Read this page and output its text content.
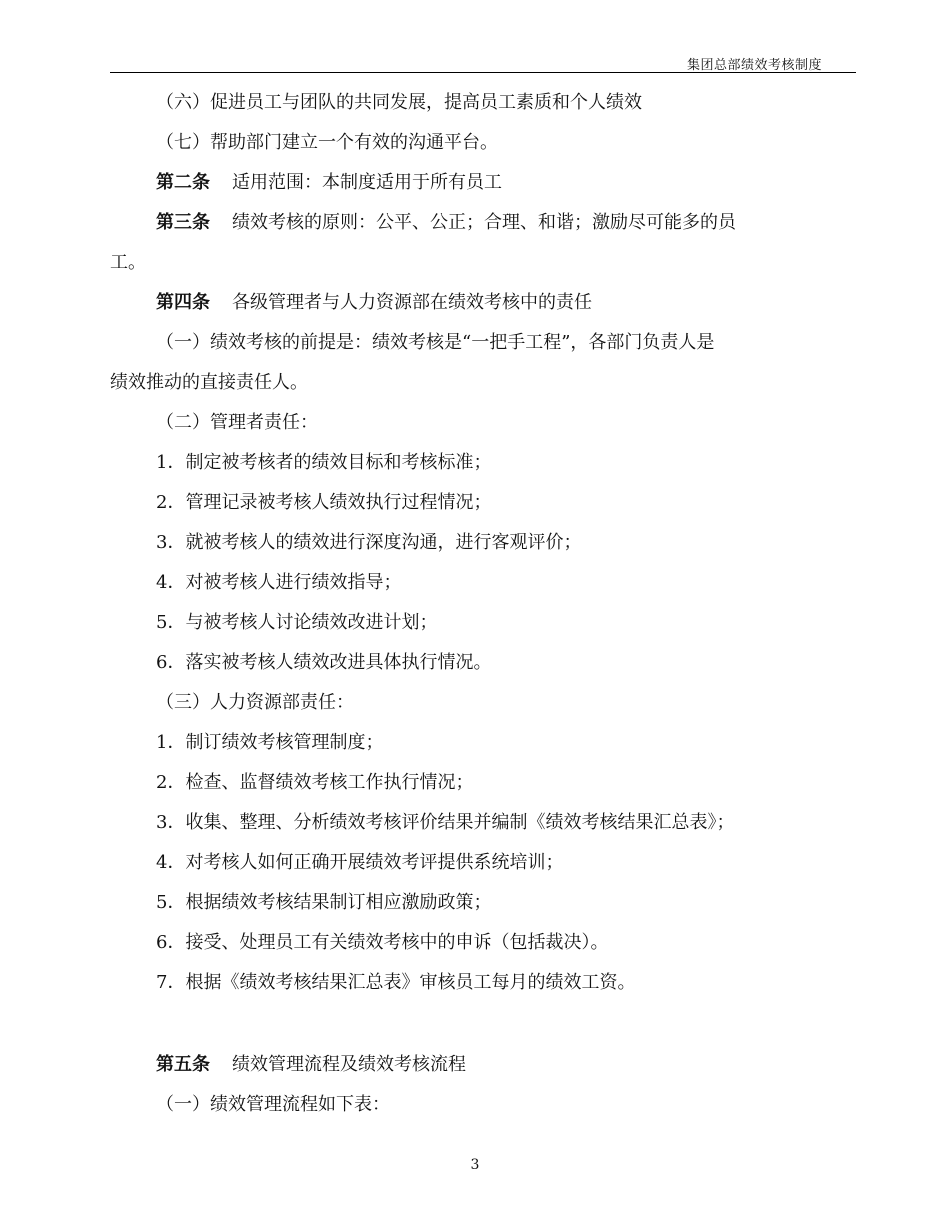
集团总部绩效考核制度
（六）促进员工与团队的共同发展，提高员工素质和个人绩效
（七）帮助部门建立一个有效的沟通平台。
第二条 适用范围：本制度适用于所有员工
第三条 绩效考核的原则：公平、公正；合理、和谐；激励尽可能多的员
工。
第四条 各级管理者与人力资源部在绩效考核中的责任
（一）绩效考核的前提是：绩效考核是“一把手工程”，各部门负责人是
绩效推动的直接责任人。
（二）管理者责任：
1．制定被考核者的绩效目标和考核标准；
2．管理记录被考核人绩效执行过程情况；
3．就被考核人的绩效进行深度沟通，进行客观评价；
4．对被考核人进行绩效指导；
5．与被考核人讨论绩效改进计划；
6．落实被考核人绩效改进具体执行情况。
（三）人力资源部责任：
1．制订绩效考核管理制度；
2．检查、监督绩效考核工作执行情况；
3．收集、整理、分析绩效考核评价结果并编制《绩效考核结果汇总表》；
4．对考核人如何正确开展绩效考评提供系统培训；
5．根据绩效考核结果制订相应激励政策；
6．接受、处理员工有关绩效考核中的申诉（包括裁决）。
7．根据《绩效考核结果汇总表》审核员工每月的绩效工资。
第五条 绩效管理流程及绩效考核流程
（一）绩效管理流程如下表：
3
